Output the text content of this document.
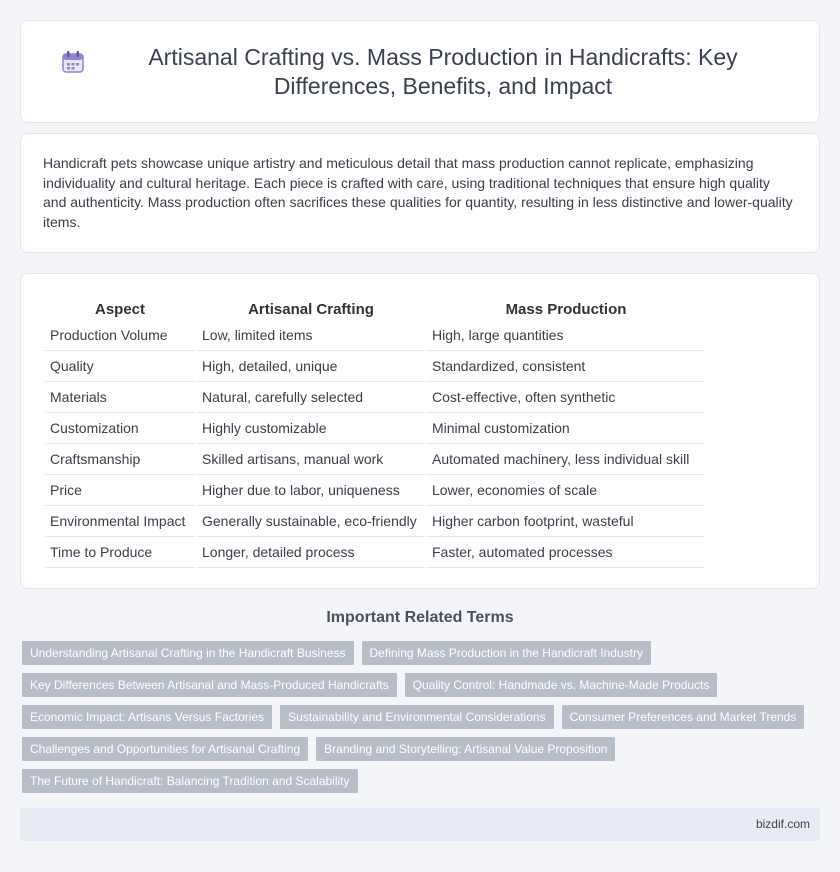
Artisanal Crafting vs. Mass Production in Handicrafts: Key Differences, Benefits, and Impact

Handicraft pets showcase unique artistry and meticulous detail that mass production cannot replicate, emphasizing individuality and cultural heritage. Each piece is crafted with care, using traditional techniques that ensure high quality and authenticity. Mass production often sacrifices these qualities for quantity, resulting in less distinctive and lower-quality items.

Aspect	Artisanal Crafting	Mass Production
Production Volume	Low, limited items	High, large quantities
Quality	High, detailed, unique	Standardized, consistent
Materials	Natural, carefully selected	Cost-effective, often synthetic
Customization	Highly customizable	Minimal customization
Craftsmanship	Skilled artisans, manual work	Automated machinery, less individual skill
Price	Higher due to labor, uniqueness	Lower, economies of scale
Environmental Impact	Generally sustainable, eco-friendly	Higher carbon footprint, wasteful
Time to Produce	Longer, detailed process	Faster, automated processes
Important Related Terms
Understanding Artisanal Crafting in the Handicraft Business	Defining Mass Production in the Handicraft Industry
Key Differences Between Artisanal and Mass-Produced Handicrafts	Quality Control: Handmade vs. Machine-Made Products
Economic Impact: Artisans Versus Factories	Sustainability and Environmental Considerations	Consumer Preferences and Market Trends
Challenges and Opportunities for Artisanal Crafting	Branding and Storytelling: Artisanal Value Proposition
The Future of Handicraft: Balancing Tradition and Scalability
bizdif.com
